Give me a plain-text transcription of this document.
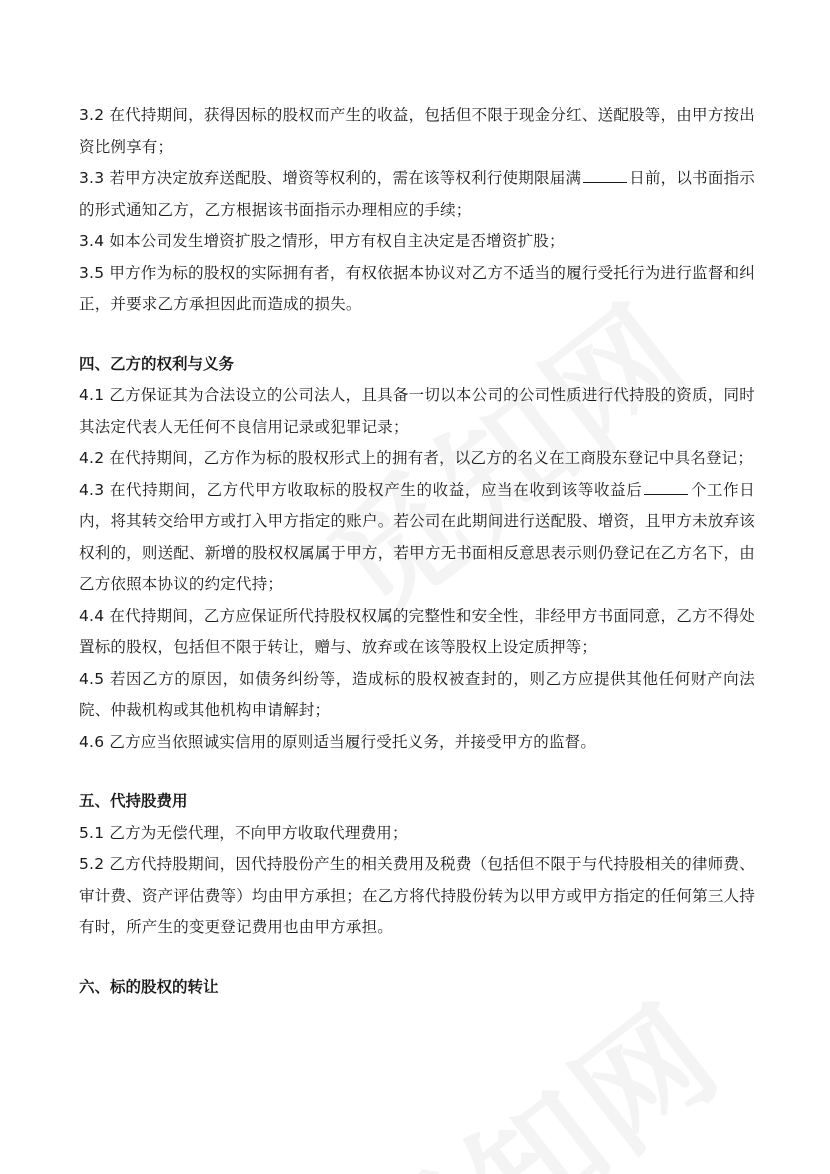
3.2 在代持期间，获得因标的股权而产生的收益，包括但不限于现金分红、送配股等，由甲方按出资比例享有；

3.3 若甲方决定放弃送配股、增资等权利的，需在该等权利行使期限届满	日前，以书面指示的形式通知乙方，乙方根据该书面指示办理相应的手续；

3.4 如本公司发生增资扩股之情形，甲方有权自主决定是否增资扩股；

3.5 甲方作为标的股权的实际拥有者，有权依据本协议对乙方不适当的履行受托行为进行监督和纠正，并要求乙方承担因此而造成的损失。

四、乙方的权利与义务

4.1 乙方保证其为合法设立的公司法人，且具备一切以本公司的公司性质进行代持股的资质，同时其法定代表人无任何不良信用记录或犯罪记录；

4.2 在代持期间，乙方作为标的股权形式上的拥有者，以乙方的名义在工商股东登记中具名登记；

4.3 在代持期间，乙方代甲方收取标的股权产生的收益，应当在收到该等收益后	个工作日内，将其转交给甲方或打入甲方指定的账户。若公司在此期间进行送配股、增资，且甲方未放弃该权利的，则送配、新增的股权权属属于甲方，若甲方无书面相反意思表示则仍登记在乙方名下，由乙方依照本协议的约定代持；

4.4 在代持期间，乙方应保证所代持股权权属的完整性和安全性，非经甲方书面同意，乙方不得处置标的股权，包括但不限于转让，赠与、放弃或在该等股权上设定质押等；

4.5 若因乙方的原因，如债务纠纷等，造成标的股权被查封的，则乙方应提供其他任何财产向法院、仲裁机构或其他机构申请解封；

4.6 乙方应当依照诚实信用的原则适当履行受托义务，并接受甲方的监督。

五、代持股费用

5.1 乙方为无偿代理，不向甲方收取代理费用；

5.2 乙方代持股期间，因代持股份产生的相关费用及税费（包括但不限于与代持股相关的律师费、审计费、资产评估费等）均由甲方承担；在乙方将代持股份转为以甲方或甲方指定的任何第三人持有时，所产生的变更登记费用也由甲方承担。

六、标的股权的转让
